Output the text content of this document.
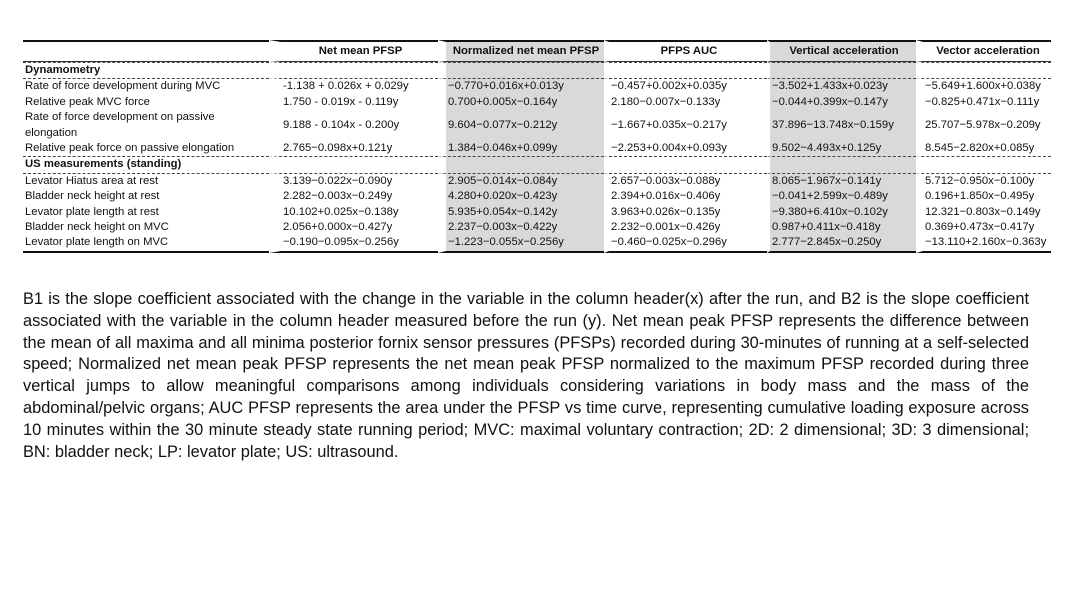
	Net mean PFSP	Normalized net mean PFSP	PFPS AUC	Vertical acceleration	Vector acceleration
Dynamometry					
Rate of force development during MVC	-1.138 + 0.026x + 0.029y	−0.770+0.016x+0.013y	−0.457+0.002x+0.035y	−3.502+1.433x+0.023y	−5.649+1.600x+0.038y
Relative peak MVC force	1.750 - 0.019x - 0.119y	0.700+0.005x−0.164y	2.180−0.007x−0.133y	−0.044+0.399x−0.147y	−0.825+0.471x−0.111y
Rate of force development on passive elongation	9.188 - 0.104x - 0.200y	9.604−0.077x−0.212y	−1.667+0.035x−0.217y	37.896−13.748x−0.159y	25.707−5.978x−0.209y
Relative peak force on passive elongation	2.765−0.098x+0.121y	1.384−0.046x+0.099y	−2.253+0.004x+0.093y	9.502−4.493x+0.125y	8.545−2.820x+0.085y
US measurements (standing)					
Levator Hiatus area at rest	3.139−0.022x−0.090y	2.905−0.014x−0.084y	2.657−0.003x−0.088y	8.065−1.967x−0.141y	5.712−0.950x−0.100y
Bladder neck height at rest	2.282−0.003x−0.249y	4.280+0.020x−0.423y	2.394+0.016x−0.406y	−0.041+2.599x−0.489y	0.196+1.850x−0.495y
Levator plate length at rest	10.102+0.025x−0.138y	5.935+0.054x−0.142y	3.963+0.026x−0.135y	−9.380+6.410x−0.102y	12.321−0.803x−0.149y
Bladder neck height on MVC	2.056+0.000x−0.427y	2.237−0.003x−0.422y	2.232−0.001x−0.426y	0.987+0.411x−0.418y	0.369+0.473x−0.417y
Levator plate length on MVC	−0.190−0.095x−0.256y	−1.223−0.055x−0.256y	−0.460−0.025x−0.296y	2.777−2.845x−0.250y	−13.110+2.160x−0.363y

B1 is the slope coefficient associated with the change in the variable in the column header(x) after the run, and B2 is the slope coefficient associated with the variable in the column header measured before the run (y). Net mean peak PFSP represents the difference between the mean of all maxima and all minima posterior fornix sensor pressures (PFSPs) recorded during 30-minutes of running at a self-selected speed; Normalized net mean peak PFSP represents the net mean peak PFSP normalized to the maximum PFSP recorded during three vertical jumps to allow meaningful comparisons among individuals considering variations in body mass and the mass of the abdominal/pelvic organs; AUC PFSP represents the area under the PFSP vs time curve, representing cumulative loading exposure across 10 minutes within the 30 minute steady state running period; MVC: maximal voluntary contraction; 2D: 2 dimensional; 3D: 3 dimensional; BN: bladder neck; LP: levator plate; US: ultrasound.
